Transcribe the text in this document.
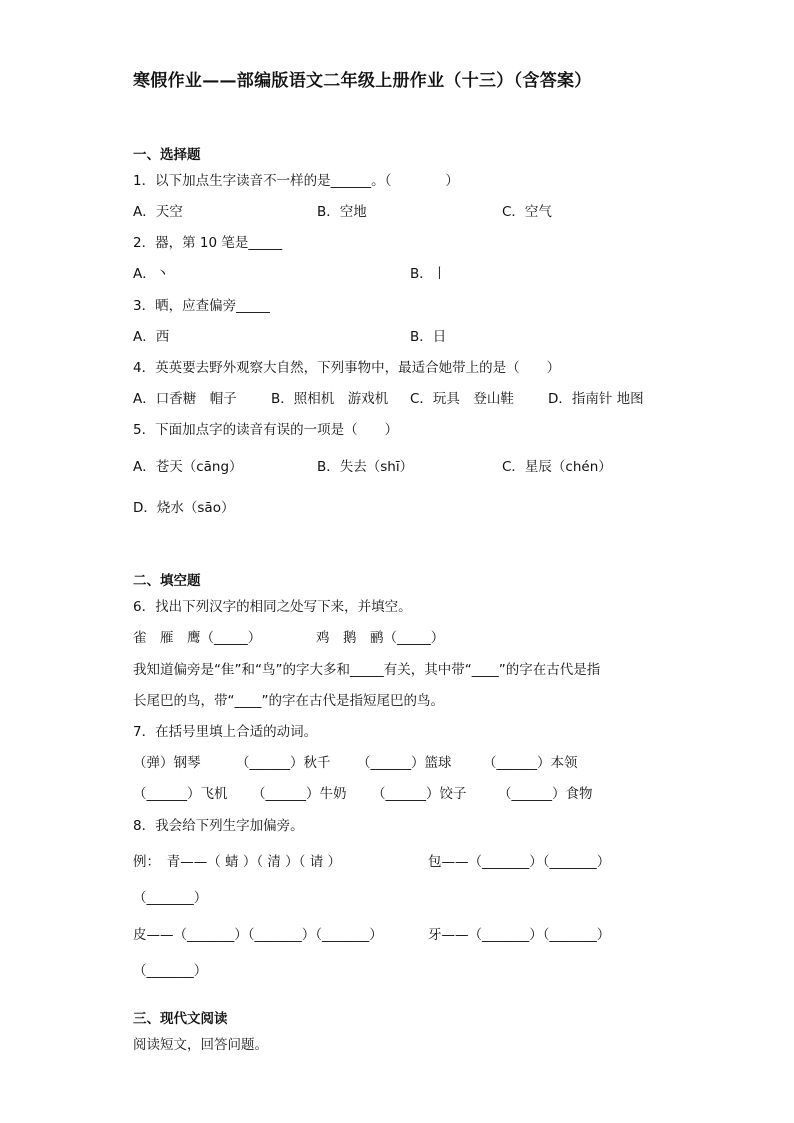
寒假作业——部编版语文二年级上册作业（十三）（含答案）
一、选择题
1．以下加点生字读音不一样的是______。（　　　　）
A．天空	B．空地	C．空气
2．器，第 10 笔是_____
A．丶	B．丨
3．晒，应查偏旁_____
A．西	B．日
4．英英要去野外观察大自然，下列事物中，最适合她带上的是（　　）
A．口香糖　帽子	B．照相机　游戏机 C．玩具　登山鞋	D．指南针 地图
5．下面加点字的读音有误的一项是（　　）
A．苍天（cāng）	B．失去（shī）	C．星辰（chén）
D．烧水（sāo）
二、填空题
6．找出下列汉字的相同之处写下来，并填空。
雀　雁　鹰（_____）	鸡　鹅　鹂（_____）
我知道偏旁是“隹”和“鸟”的字大多和_____有关，其中带“____”的字在古代是指
长尾巴的鸟，带“____”的字在古代是指短尾巴的鸟。
7．在括号里填上合适的动词。
（弹）钢琴	（______）秋千 （______）篮球 （______）本领
（______）飞机 （______）牛奶 （______）饺子 （______）食物
8．我会给下列生字加偏旁。
例：　青——（ 蜻 ）（ 清 ）（ 请 ）	包——（_______）（_______）
（_______）
皮——（_______）（_______）（_______）	牙——（_______）（_______）
（_______）
三、现代文阅读
阅读短文，回答问题。
